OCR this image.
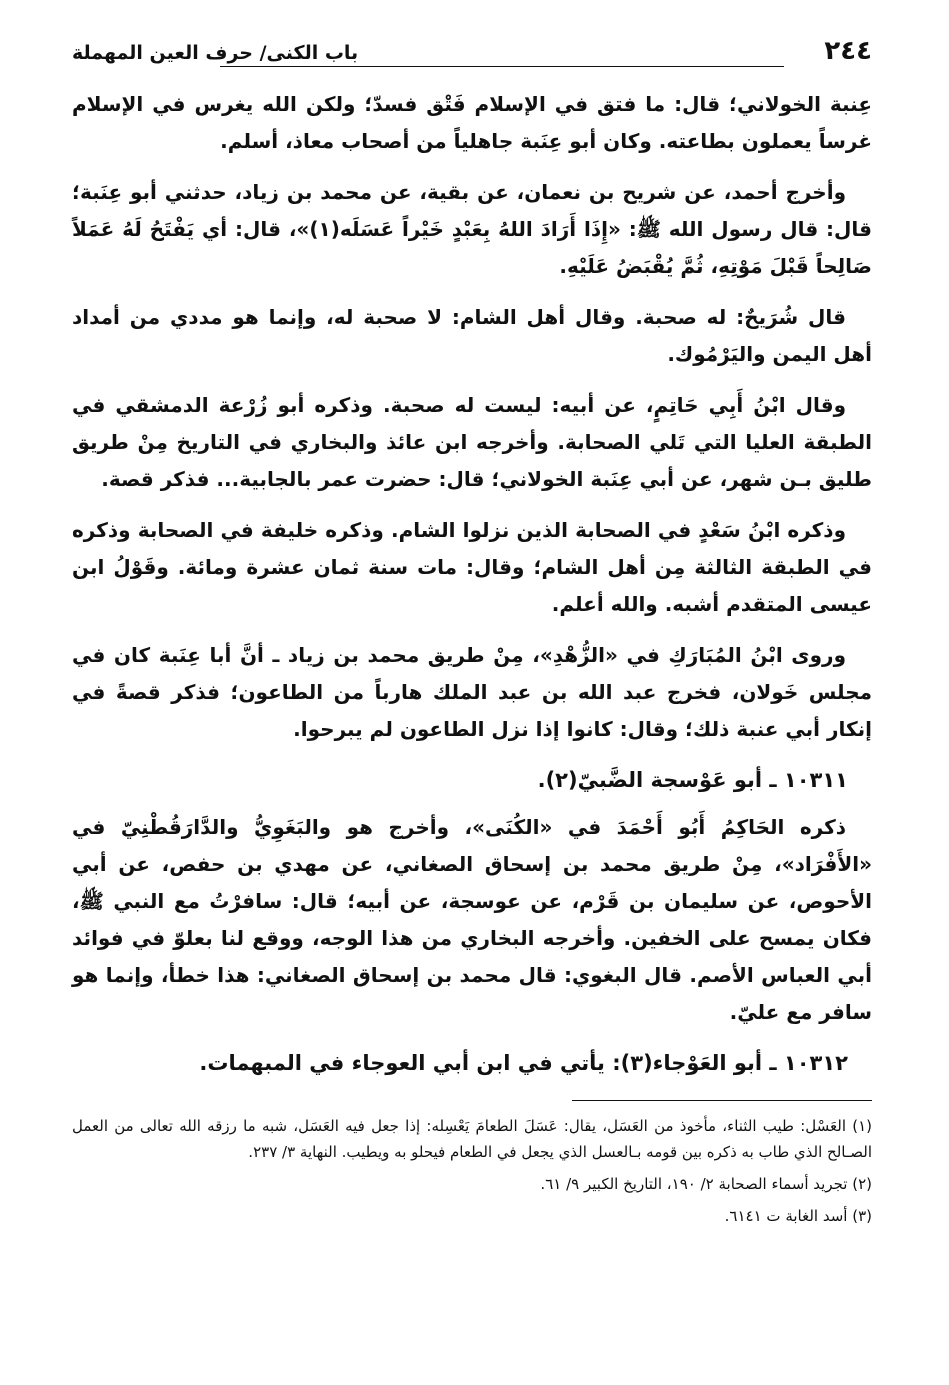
٢٤٤
باب الكنى/ حرف العين المهملة

عِنبة الخولاني؛ قال: ما فتق في الإسلام فَتْق فسدّ؛ ولكن الله يغرس في الإسلام غرساً يعملون بطاعته. وكان أبو عِنَبة جاهلياً من أصحاب معاذ، أسلم.

وأخرج أحمد، عن شريح بن نعمان، عن بقية، عن محمد بن زياد، حدثني أبو عِنَبة؛ قال: قال رسول الله ﷺ: «إِذَا أَرَادَ اللهُ بِعَبْدٍ خَيْراً عَسَلَه(١)»، قال: أي يَفْتَحُ لَهُ عَمَلاً صَالِحاً قَبْلَ مَوْتِهِ، ثُمَّ يُقْبَضُ عَلَيْهِ.

قال شُرَيحٌ: له صحبة. وقال أهل الشام: لا صحبة له، وإنما هو مددي من أمداد أهل اليمن واليَرْمُوك.

وقال ابْنُ أَبِي حَاتِمٍ، عن أبيه: ليست له صحبة. وذكره أبو زُرْعة الدمشقي في الطبقة العليا التي تَلي الصحابة. وأخرجه ابن عائذ والبخاري في التاريخ مِنْ طريق طليق بـن شهر، عن أبي عِنَبة الخولاني؛ قال: حضرت عمر بالجابية... فذكر قصة.

وذكره ابْنُ سَعْدٍ في الصحابة الذين نزلوا الشام. وذكره خليفة في الصحابة وذكره في الطبقة الثالثة مِن أهل الشام؛ وقال: مات سنة ثمان عشرة ومائة. وقَوْلُ ابن عيسى المتقدم أشبه. والله أعلم.

وروى ابْنُ المُبَارَكِ في «الزُّهْدِ»، مِنْ طريق محمد بن زياد ـ أنَّ أبا عِنَبة كان في مجلس خَولان، فخرج عبد الله بن عبد الملك هارباً من الطاعون؛ فذكر قصةً في إنكار أبي عنبة ذلك؛ وقال: كانوا إذا نزل الطاعون لم يبرحوا.

١٠٣١١ ـ أبو عَوْسجة الضَّبيّ(٢).

ذكره الحَاكِمُ أَبُو أَحْمَدَ في «الكُنَى»، وأخرج هو والبَغَوِيُّ والدَّارَقُطْنِيّ في «الأَفْرَاد»، مِنْ طريق محمد بن إسحاق الصغاني، عن مهدي بن حفص، عن أبي الأحوص، عن سليمان بن قَرْم، عن عوسجة، عن أبيه؛ قال: سافرْتُ مع النبي ﷺ، فكان يمسح على الخفين. وأخرجه البخاري من هذا الوجه، ووقع لنا بعلوّ في فوائد أبي العباس الأصم. قال البغوي: قال محمد بن إسحاق الصغاني: هذا خطأ، وإنما هو سافر مع عليّ.

١٠٣١٢ ـ أبو العَوْجاء(٣): يأتي في ابن أبي العوجاء في المبهمات.

(١) العَسْل: طيب الثناء، مأخوذ من العَسَل، يقال: عَسَلَ الطعامَ يَعْسِله: إذا جعل فيه العَسَل، شبه ما رزقه الله تعالى من العمل الصـالح الذي طاب به ذكره بين قومه بـالعسل الذي يجعل في الطعام فيحلو به ويطيب. النهاية ٣/ ٢٣٧.

(٢) تجريد أسماء الصحابة ٢/ ١٩٠، التاريخ الكبير ٩/ ٦١.

(٣) أسد الغابة ت ٦١٤١.
